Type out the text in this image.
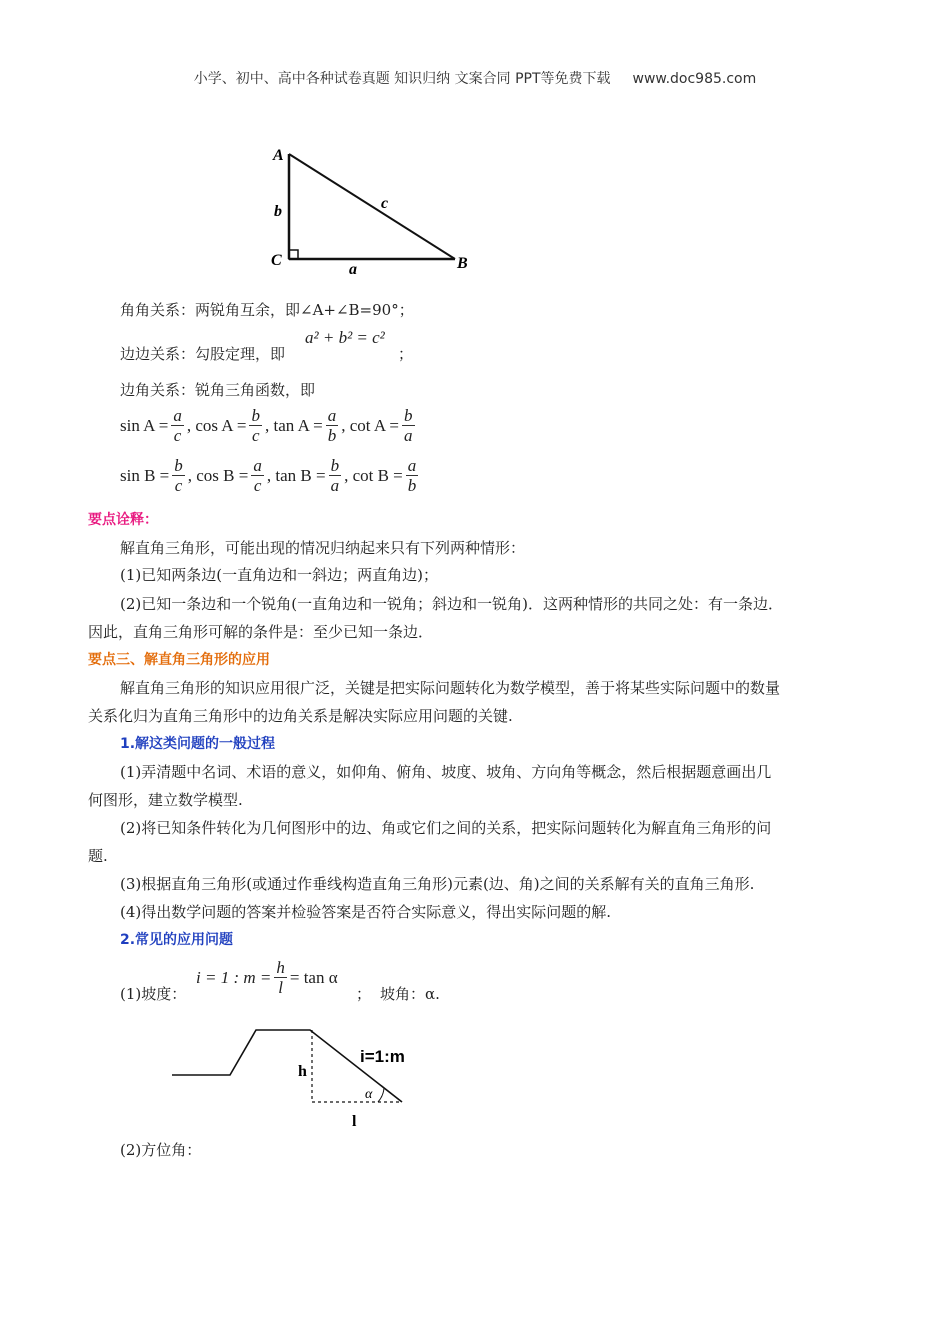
小学、初中、高中各种试卷真题 知识归纳 文案合同 PPT等免费下载 www.doc985.com
A
C	B
b
a
c
角角关系：两锐角互余，即∠A+∠B=90°；
a² + b² = c²
边边关系：勾股定理，即	；
边角关系：锐角三角函数，即
$\sin A = \frac{a}{c}$ , $\cos A = \frac{b}{c}$ , $\tan A = \frac{a}{b}$ , $\cot A = \frac{b}{a}$
$\sin B = \frac{b}{c}$ , $\cos B = \frac{a}{c}$ , $\tan B = \frac{b}{a}$ , $\cot B = \frac{a}{b}$
要点诠释：
解直角三角形，可能出现的情况归纳起来只有下列两种情形：
(1)已知两条边(一直角边和一斜边；两直角边)；
(2)已知一条边和一个锐角(一直角边和一锐角；斜边和一锐角)．这两种情形的共同之处：有一条边．
因此，直角三角形可解的条件是：至少已知一条边．
要点三、解直角三角形的应用
解直角三角形的知识应用很广泛，关键是把实际问题转化为数学模型，善于将某些实际问题中的数量
关系化归为直角三角形中的边角关系是解决实际应用问题的关键.
1.解这类问题的一般过程
(1)弄清题中名词、术语的意义，如仰角、俯角、坡度、坡角、方向角等概念，然后根据题意画出几
何图形，建立数学模型.
(2)将已知条件转化为几何图形中的边、角或它们之间的关系，把实际问题转化为解直角三角形的问
题.
(3)根据直角三角形(或通过作垂线构造直角三角形)元素(边、角)之间的关系解有关的直角三角形.
(4)得出数学问题的答案并检验答案是否符合实际意义，得出实际问题的解.
2.常见的应用问题
(1)坡度：
i = 1 : $m = \frac{h}{l} = \tan \alpha$
； 坡角：α.
i=1:m
h
l
α
(2)方位角：
